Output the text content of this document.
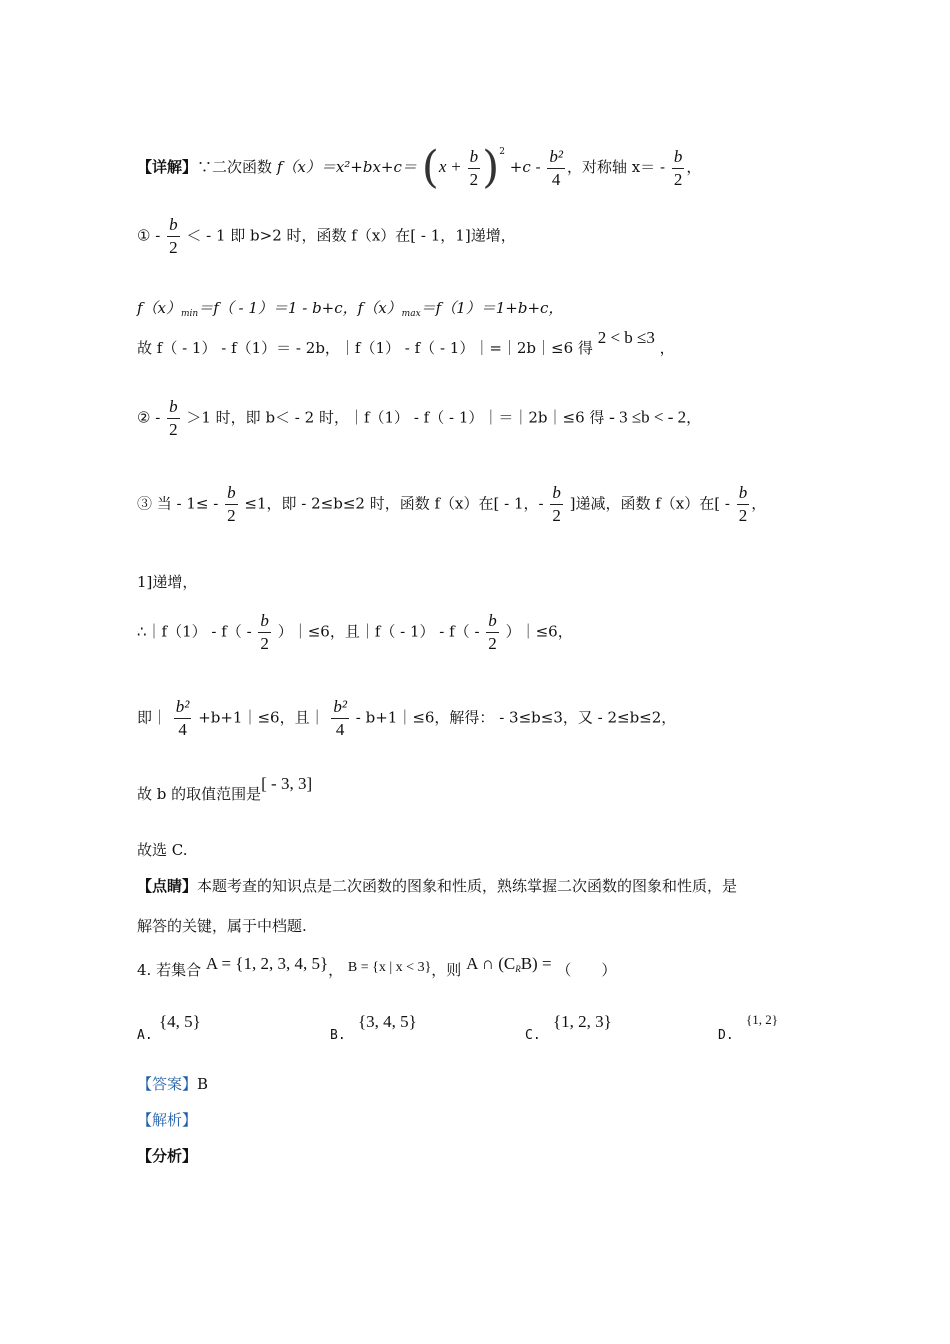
【详解】∵二次函数 $f(x)=x^2+bx+c= (x + \frac{b}{2} )^2 +c - \frac{\text{b²}}{4}$ ，对称轴 $x= - \frac{b}{2}$ ，
① - $\frac{b}{2}$ ＜ - 1 即 b>2 时，函数 f（x）在[ - 1，1]递增，
$f(x)_{min}=f( - 1)=1 - b+c$，$f(x)_{max}=f(1)=1+b+c$，
故 f（ - 1） - f（1）＝ - 2b，｜f（1） - f（ - 1）｜=｜2b｜≤6 得 2 < b ≤3 ，
② - $\frac{b}{2} >1$ 时，即 b＜ - 2 时，｜f（1） - f（ - 1）｜＝｜2b｜≤6 得 - 3 ≤b < - 2，
③ 当 - $1\le - \frac{b}{2} \le 1$，即 - 2≤b≤2 时，函数 f（x）在[ - 1，- $\frac{b}{2}$ ]递减，函数 f（x）在[ - $\frac{b}{2}$ ，
1]递增，
∴｜f（1） - $f( - \frac{b}{2}$ ）｜≤6，且｜f（ - $1) - f( - \frac{b}{2}$ ）｜≤6，
即｜ $\frac{\text{b²}}{4}$ +b+1｜≤6，且｜ $\frac{\text{b²}}{4}$ - b+1｜≤6，解得： - 3≤b≤3，又 - 2≤b≤2，
故 b 的取值范围是[ - 3, 3]
故选 C.
【点睛】本题考查的知识点是二次函数的图象和性质，熟练掌握二次函数的图象和性质，是
解答的关键，属于中档题.
4. 若集合 A = {1, 2, 3, 4, 5}， B = {x | x < 3}，则 A ∩ $(C_RB)$ = （　　）
A.
{4, 5}
B.
{3, 4, 5}
C.
{1, 2, 3}
D.
{1, 2}
【答案】B
【解析】
【分析】
